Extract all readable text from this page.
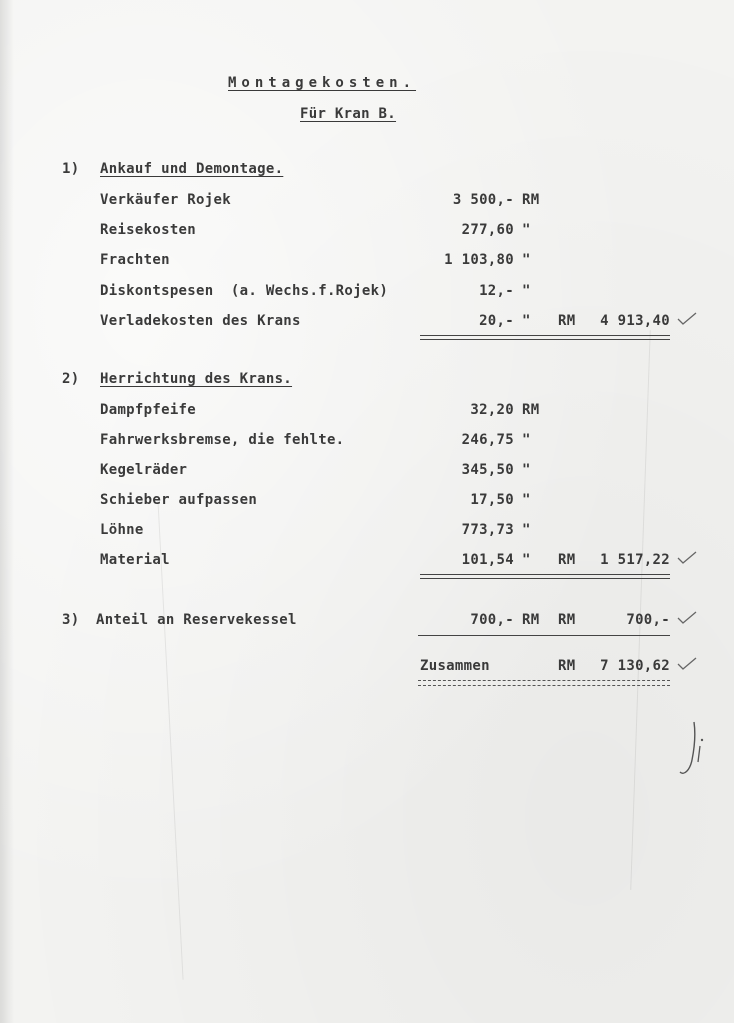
Montagekosten.
Für Kran B.
1) Ankauf und Demontage.
Verkäufer Rojek	3 500,- RM
Reisekosten	277,60 "
Frachten	1 103,80 "
Diskontspesen  (a. Wechs.f.Rojek)	12,- "
Verladekosten des Krans	20,- " RM	4 913,40
2) Herrichtung des Krans.
Dampfpfeife	32,20 RM
Fahrwerksbremse, die fehlte.	246,75 "
Kegelräder	345,50 "
Schieber aufpassen	17,50 "
Löhne	773,73 "
Material	101,54 " RM	1 517,22
3) Anteil an Reservekessel	700,- RM RM	700,-
Zusammen	RM	7 130,62
